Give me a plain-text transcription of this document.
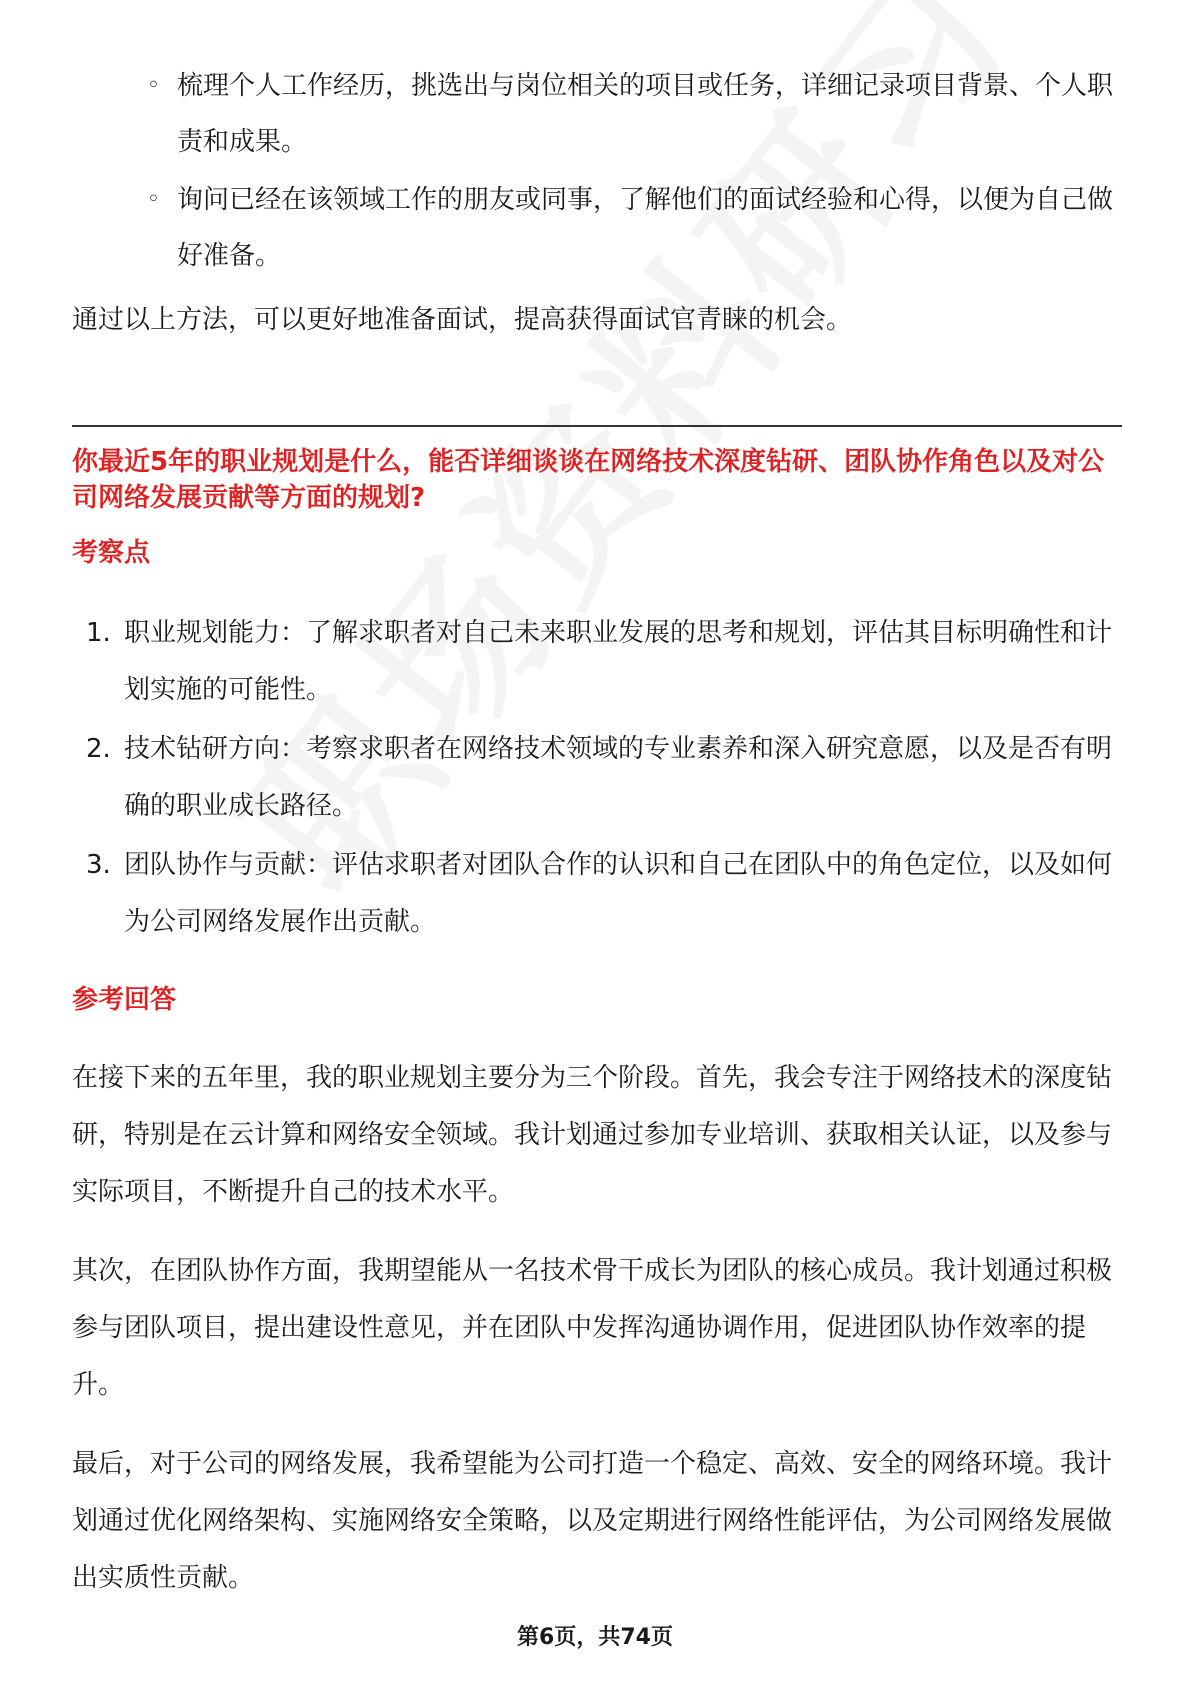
◦ 梳理个人工作经历，挑选出与岗位相关的项目或任务，详细记录项目背景、个人职责和成果。
◦ 询问已经在该领域工作的朋友或同事，了解他们的面试经验和心得，以便为自己做好准备。

通过以上方法，可以更好地准备面试，提高获得面试官青睐的机会。

你最近5年的职业规划是什么，能否详细谈谈在网络技术深度钻研、团队协作角色以及对公司网络发展贡献等方面的规划?

考察点

1. 职业规划能力：了解求职者对自己未来职业发展的思考和规划，评估其目标明确性和计划实施的可能性。
2. 技术钻研方向：考察求职者在网络技术领域的专业素养和深入研究意愿，以及是否有明确的职业成长路径。
3. 团队协作与贡献：评估求职者对团队合作的认识和自己在团队中的角色定位，以及如何为公司网络发展作出贡献。

参考回答

在接下来的五年里，我的职业规划主要分为三个阶段。首先，我会专注于网络技术的深度钻研，特别是在云计算和网络安全领域。我计划通过参加专业培训、获取相关认证，以及参与实际项目，不断提升自己的技术水平。

其次，在团队协作方面，我期望能从一名技术骨干成长为团队的核心成员。我计划通过积极参与团队项目，提出建设性意见，并在团队中发挥沟通协调作用，促进团队协作效率的提升。

最后，对于公司的网络发展，我希望能为公司打造一个稳定、高效、安全的网络环境。我计划通过优化网络架构、实施网络安全策略，以及定期进行网络性能评估，为公司网络发展做出实质性贡献。

第6页，共74页
